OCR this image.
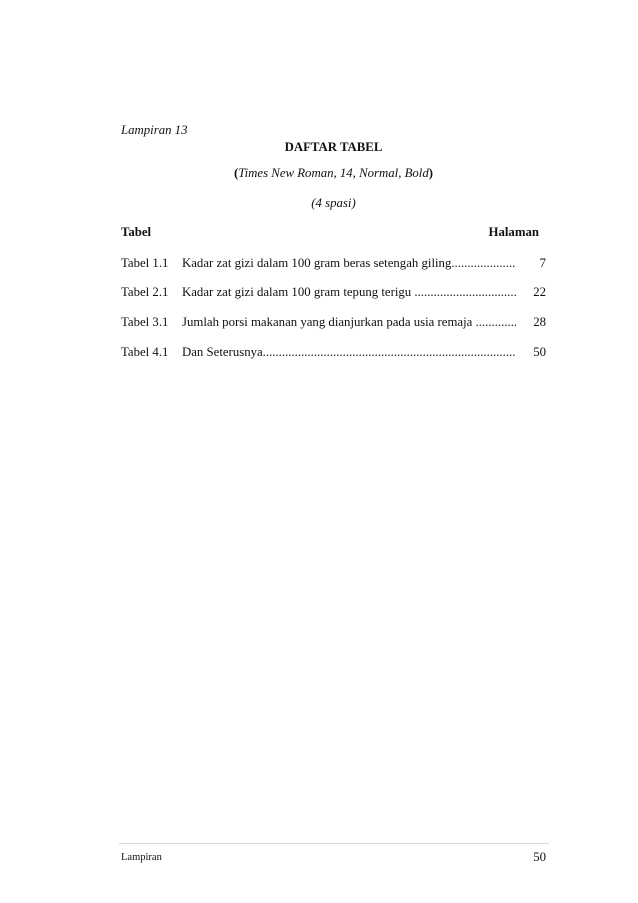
Lampiran 13
DAFTAR TABEL
(Times New Roman, 14, Normal, Bold)
(4 spasi)
Tabel	Halaman
Tabel 1.1	Kadar zat gizi dalam 100 gram beras setengah giling .....	7
Tabel 2.1	Kadar zat gizi dalam 100 gram tepung terigu .....	22
Tabel 3.1	Jumlah porsi makanan yang dianjurkan pada usia remaja .....	28
Tabel 4.1	Dan Seterusnya .....	50
Lampiran	50
